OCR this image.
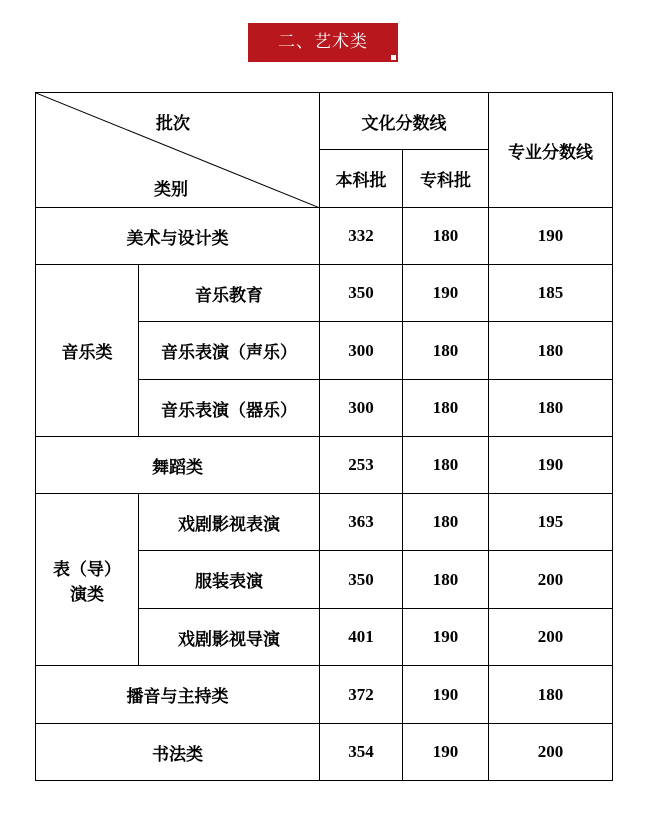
二、艺术类
批次
类别		文化分数线		专业分数线
		本科批	专科批	
美术与设计类		332	180	190
音乐类	音乐教育	350	190	185
	音乐表演（声乐）	300	180	180
	音乐表演（器乐）	300	180	180
舞蹈类		253	180	190

表（导）
演类	戏剧影视表演	363	180	195
	服装表演	350	180	200
	戏剧影视导演	401	190	200
播音与主持类		372	190	180
书法类		354	190	200
